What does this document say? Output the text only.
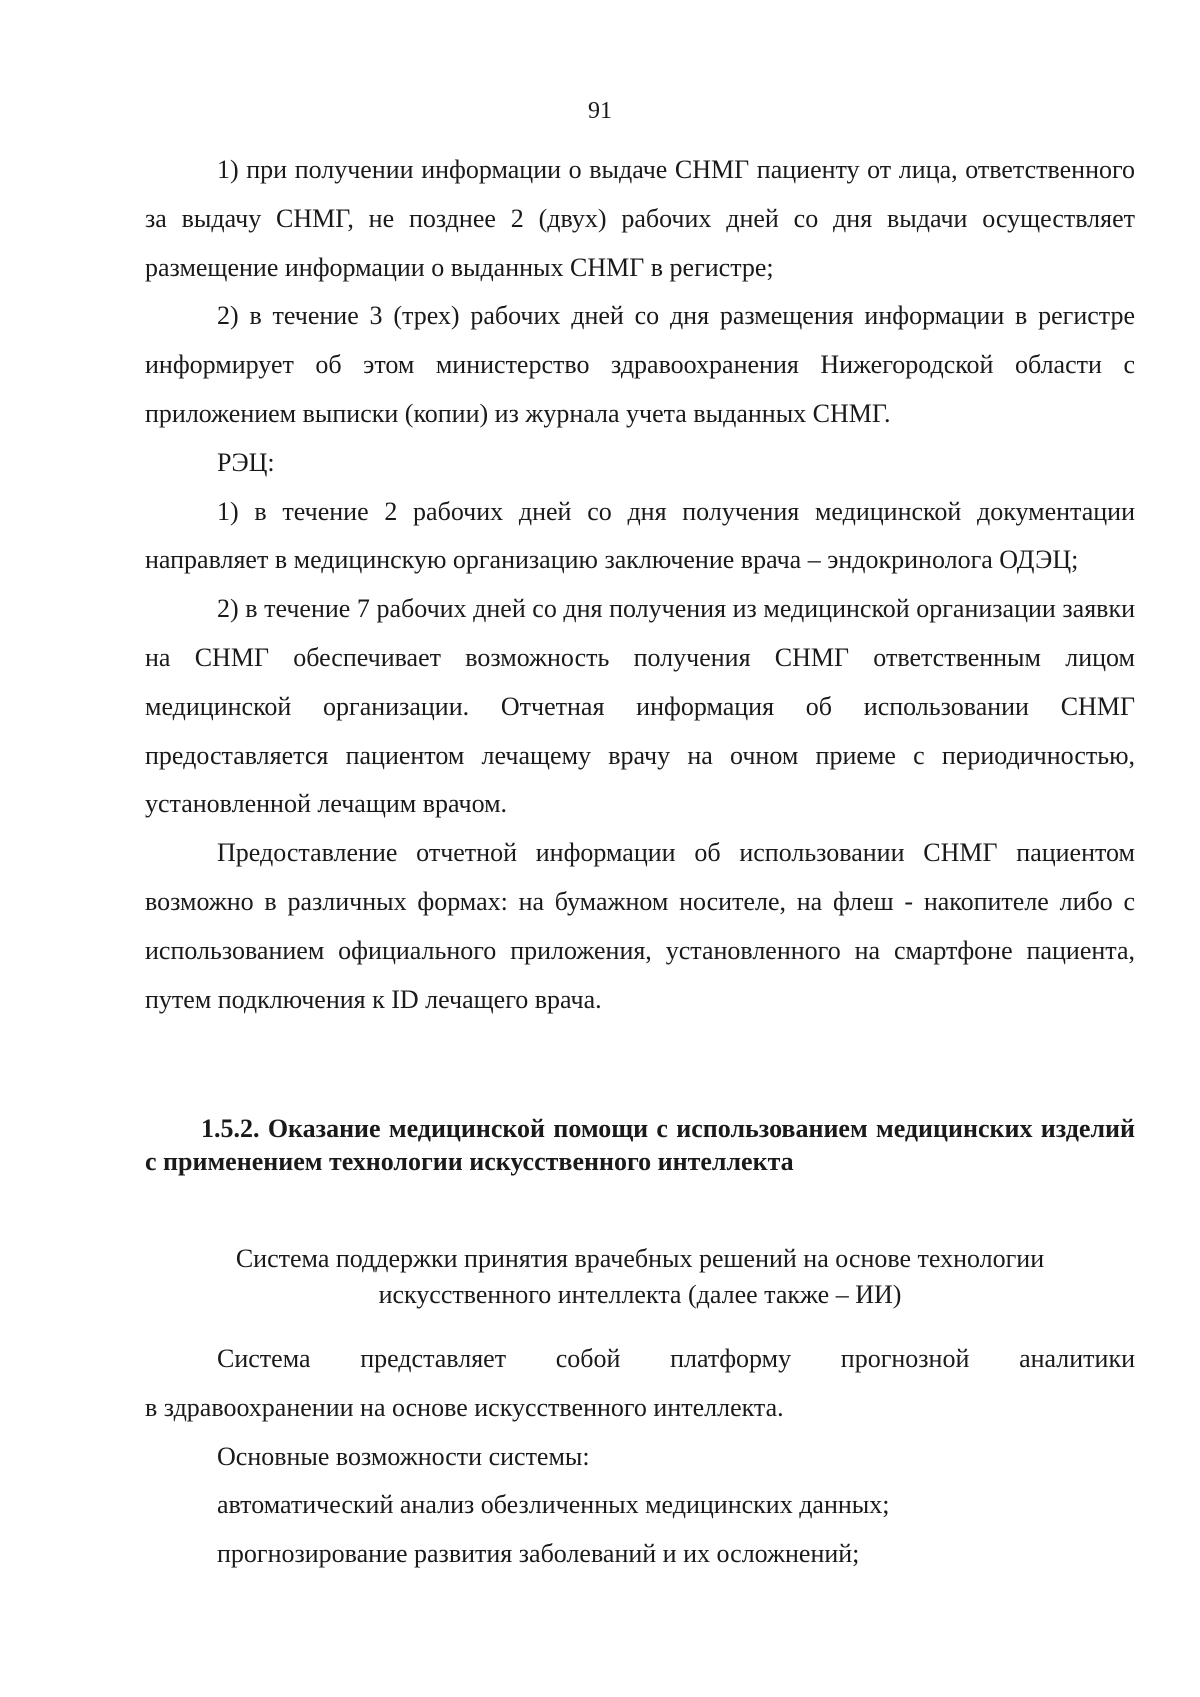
91

1) при получении информации о выдаче СНМГ пациенту от лица, ответственного за выдачу СНМГ, не позднее 2 (двух) рабочих дней со дня выдачи осуществляет размещение информации о выданных СНМГ в регистре;

2) в течение 3 (трех) рабочих дней со дня размещения информации в регистре информирует об этом министерство здравоохранения Нижегородской области с приложением выписки (копии) из журнала учета выданных СНМГ.

РЭЦ:

1) в течение 2 рабочих дней со дня получения медицинской документации направляет в медицинскую организацию заключение врача – эндокринолога ОДЭЦ;

2) в течение 7 рабочих дней со дня получения из медицинской организации заявки на СНМГ обеспечивает возможность получения СНМГ ответственным лицом медицинской организации. Отчетная информация об использовании СНМГ предоставляется пациентом лечащему врачу на очном приеме с периодичностью, установленной лечащим врачом.

Предоставление отчетной информации об использовании СНМГ пациентом возможно в различных формах: на бумажном носителе, на флеш - накопителе либо с использованием официального приложения, установленного на смартфоне пациента, путем подключения к ID лечащего врача.

1.5.2. Оказание медицинской помощи с использованием медицинских изделий с применением технологии искусственного интеллекта

Система поддержки принятия врачебных решений на основе технологии
искусственного интеллекта (далее также – ИИ)
Система представляет собой платформу прогнозной аналитики

в здравоохранении на основе искусственного интеллекта.

Основные возможности системы:

автоматический анализ обезличенных медицинских данных;

прогнозирование развития заболеваний и их осложнений;
